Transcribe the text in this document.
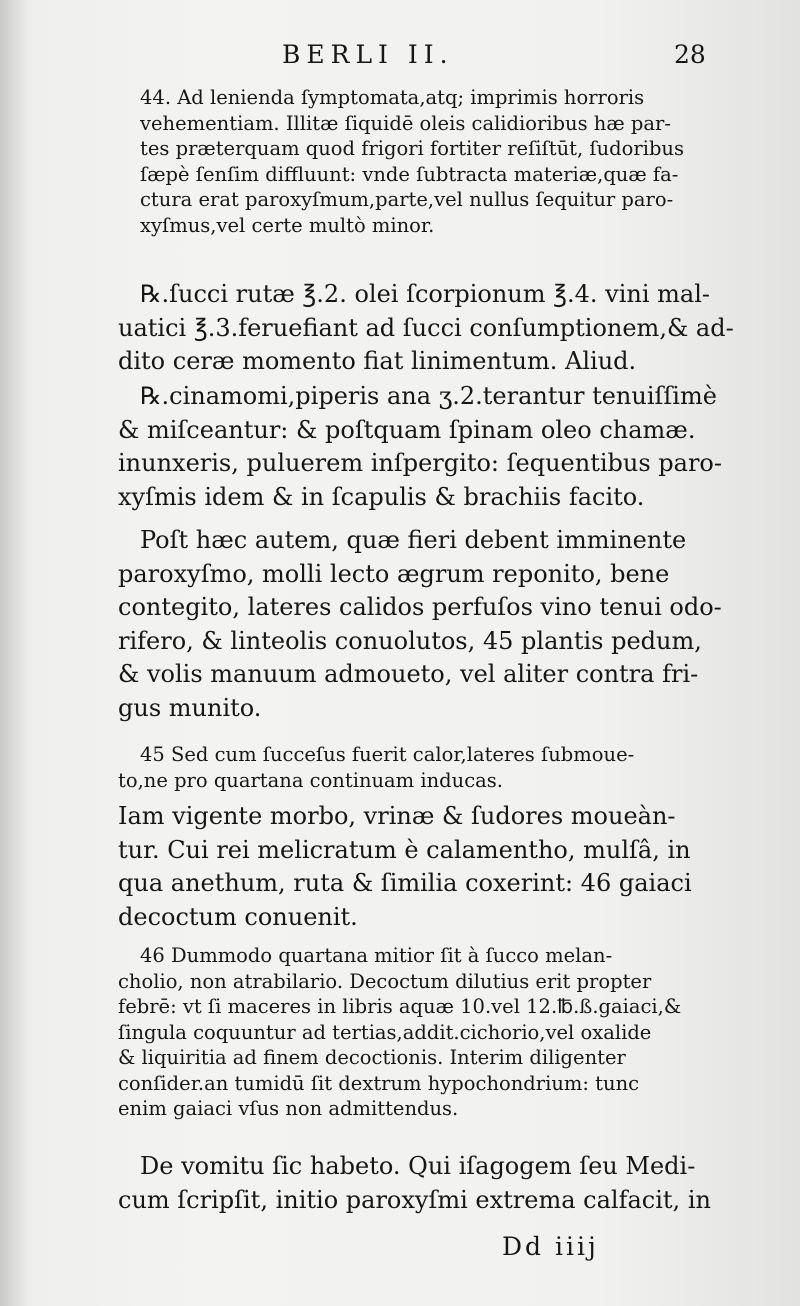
BERLI II.	28
44. Ad lenienda ſymptomata,atq; imprimis horroris
vehementiam. Illitæ ſiquidē oleis calidioribus hæ par-
tes præterquam quod frigori fortiter reſiſtūt, ſudoribus
ſæpè ſenſim diffluunt: vnde ſubtracta materiæ,quæ fa-
ctura erat paroxyſmum,parte,vel nullus ſequitur paro-
xyſmus,vel certe multò minor.
℞.ſucci rutæ ℥.2. olei ſcorpionum ℥.4. vini mal-
uatici ℥.3.feruefiant ad ſucci conſumptionem,& ad-
dito ceræ momento fiat linimentum. Aliud.
℞.cinamomi,piperis ana ʒ.2.terantur tenuiſſimè
& miſceantur: & poſtquam ſpinam oleo chamæ.
inunxeris, puluerem inſpergito: ſequentibus paro-
xyſmis idem & in ſcapulis & brachiis facito.
Poſt hæc autem, quæ fieri debent imminente
paroxyſmo, molli lecto ægrum reponito, bene
contegito, lateres calidos perfuſos vino tenui odo-
rifero, & linteolis conuolutos, 45 plantis pedum,
& volis manuum admoueto, vel aliter contra fri-
gus munito.
45 Sed cum ſucceſus fuerit calor,lateres ſubmoue-
to,ne pro quartana continuam inducas.
Iam vigente morbo, vrinæ & ſudores moueàn-
tur. Cui rei melicratum è calamentho, mulſâ, in
qua anethum, ruta & ſimilia coxerint: 46 gaiaci
decoctum conuenit.
46 Dummodo quartana mitior ſit à ſucco melan-
cholio, non atrabilario. Decoctum dilutius erit propter
febrē: vt ſi maceres in libris aquæ 10.vel 12.℔.ß.gaiaci,&
ſingula coquuntur ad tertias,addit.cichorio,vel oxalide
& liquiritia ad finem decoctionis. Interim diligenter
conſider.an tumidū ſit dextrum hypochondrium: tunc
enim gaiaci vſus non admittendus.
De vomitu ſic habeto. Qui iſagogem ſeu Medi-
cum ſcripſit, initio paroxyſmi extrema calfacit, in
Dd iiij
